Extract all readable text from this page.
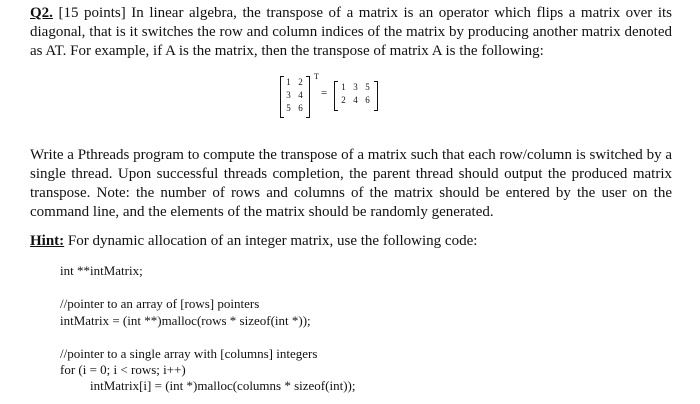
Q2. [15 points] In linear algebra, the transpose of a matrix is an operator which flips a matrix over its diagonal, that is it switches the row and column indices of the matrix by producing another matrix denoted as AT. For example, if A is the matrix, then the transpose of matrix A is the following:

1 2
3 4
5 6
T
= 1 3 5
2 4 6

Write a Pthreads program to compute the transpose of a matrix such that each row/column is switched by a single thread. Upon successful threads completion, the parent thread should output the produced matrix transpose. Note: the number of rows and columns of the matrix should be entered by the user on the command line, and the elements of the matrix should be randomly generated.

Hint: For dynamic allocation of an integer matrix, use the following code:

int **intMatrix;
//pointer to an array of [rows] pointers
intMatrix = (int **)malloc(rows * sizeof(int *));
//pointer to a single array with [columns] integers
for (i = 0; i < rows; i++)
intMatrix[i] = (int *)malloc(columns * sizeof(int));
